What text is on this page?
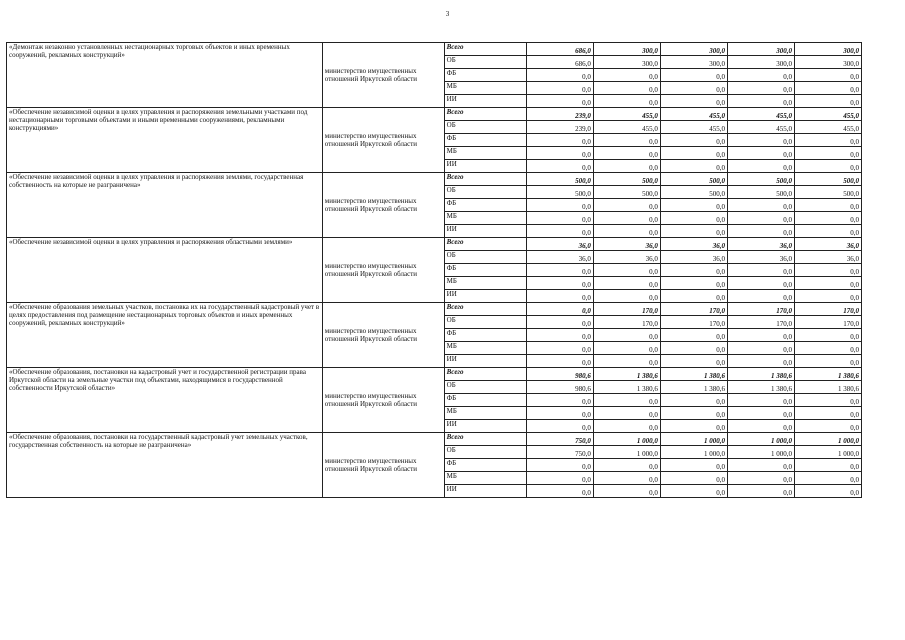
3
«Демонтаж незаконно установленных нестационарных торговых объектов и иных временных сооружений, рекламных конструкций»	министерство имущественных отношений Иркутской области	Всего	686,0	300,0	300,0	300,0	300,0
		ОБ	686,0	300,0	300,0	300,0	300,0
		ФБ	0,0	0,0	0,0	0,0	0,0
		МБ	0,0	0,0	0,0	0,0	0,0
		ИИ	0,0	0,0	0,0	0,0	0,0
«Обеспечение независимой оценки в целях управления и распоряжения земельными участками под нестационарными торговыми объектами и иными временными сооружениями, рекламными конструкциями»	министерство имущественных отношений Иркутской области	Всего	239,0	455,0	455,0	455,0	455,0
		ОБ	239,0	455,0	455,0	455,0	455,0
		ФБ	0,0	0,0	0,0	0,0	0,0
		МБ	0,0	0,0	0,0	0,0	0,0
		ИИ	0,0	0,0	0,0	0,0	0,0
«Обеспечение независимой оценки в целях управления и распоряжения землями, государственная собственность на которые не разграничена»	министерство имущественных отношений Иркутской области	Всего	500,0	500,0	500,0	500,0	500,0
		ОБ	500,0	500,0	500,0	500,0	500,0
		ФБ	0,0	0,0	0,0	0,0	0,0
		МБ	0,0	0,0	0,0	0,0	0,0
		ИИ	0,0	0,0	0,0	0,0	0,0
«Обеспечение независимой оценки в целях управления и распоряжения областными землями»	министерство имущественных отношений Иркутской области	Всего	36,0	36,0	36,0	36,0	36,0
		ОБ	36,0	36,0	36,0	36,0	36,0
		ФБ	0,0	0,0	0,0	0,0	0,0
		МБ	0,0	0,0	0,0	0,0	0,0
		ИИ	0,0	0,0	0,0	0,0	0,0
«Обеспечение образования земельных участков, постановка их на государственный кадастровый учет в целях предоставления под размещение нестационарных торговых объектов и иных временных сооружений, рекламных конструкций»	министерство имущественных отношений Иркутской области	Всего	0,0	170,0	170,0	170,0	170,0
		ОБ	0,0	170,0	170,0	170,0	170,0
		ФБ	0,0	0,0	0,0	0,0	0,0
		МБ	0,0	0,0	0,0	0,0	0,0
		ИИ	0,0	0,0	0,0	0,0	0,0
«Обеспечение образования, постановки на кадастровый учет и государственной регистрации права Иркутской области на земельные участки под объектами, находящимися в государственной собственности Иркутской области»	министерство имущественных отношений Иркутской области	Всего	980,6	1 380,6	1 380,6	1 380,6	1 380,6
		ОБ	980,6	1 380,6	1 380,6	1 380,6	1 380,6
		ФБ	0,0	0,0	0,0	0,0	0,0
		МБ	0,0	0,0	0,0	0,0	0,0
		ИИ	0,0	0,0	0,0	0,0	0,0
«Обеспечение образования, постановки на государственный кадастровый учет земельных участков, государственная собственность на которые не разграничена»	министерство имущественных отношений Иркутской области	Всего	750,0	1 000,0	1 000,0	1 000,0	1 000,0
		ОБ	750,0	1 000,0	1 000,0	1 000,0	1 000,0
		ФБ	0,0	0,0	0,0	0,0	0,0
		МБ	0,0	0,0	0,0	0,0	0,0
		ИИ	0,0	0,0	0,0	0,0	0,0
